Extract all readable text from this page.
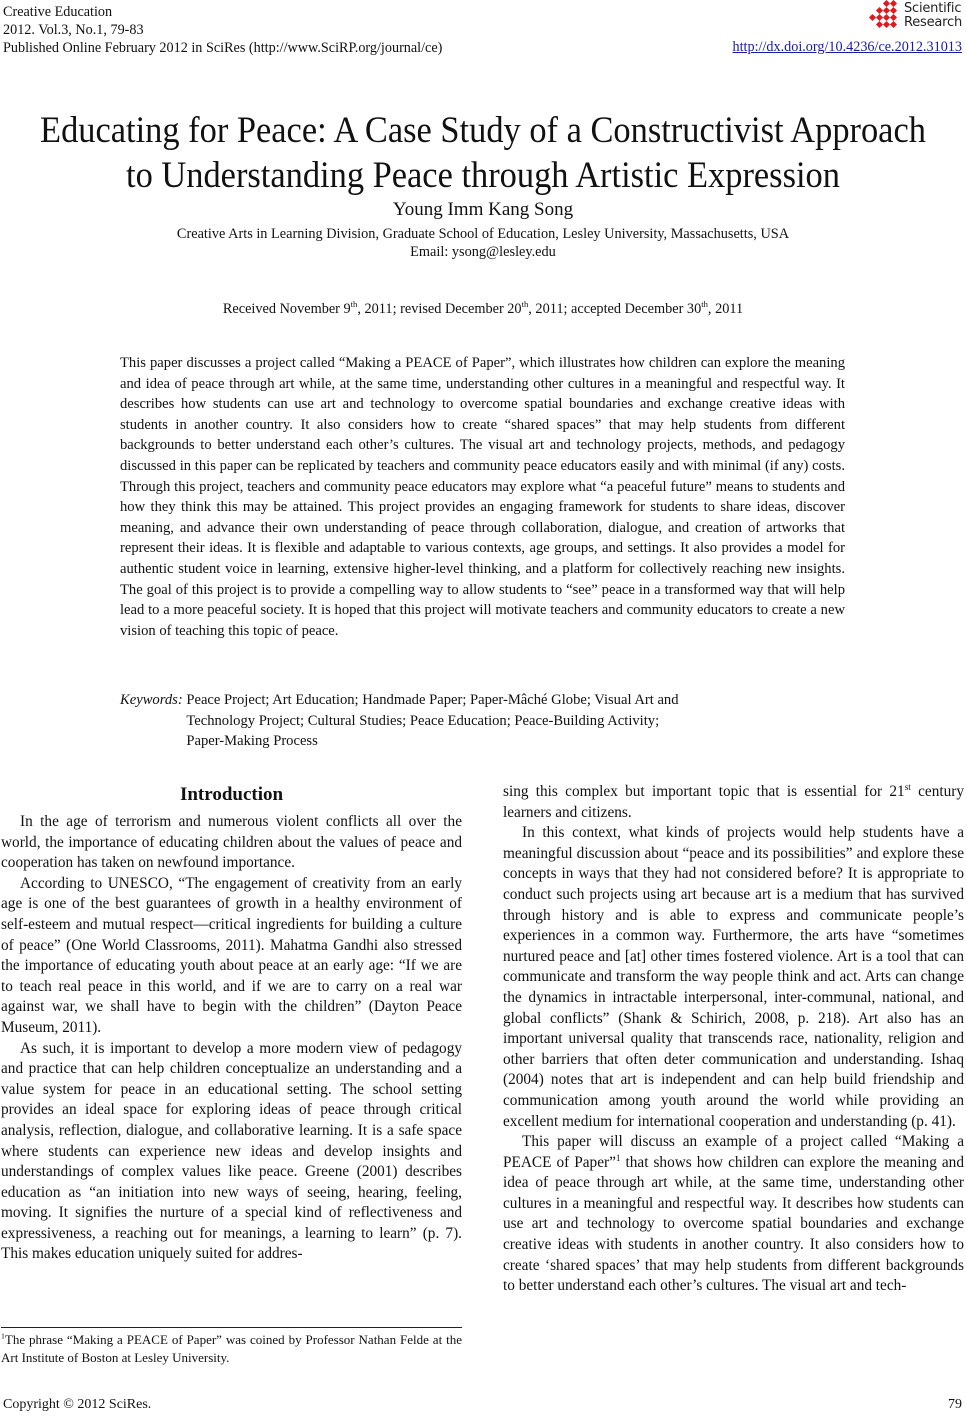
Creative Education
2012. Vol.3, No.1, 79-83
Published Online February 2012 in SciRes (http://www.SciRP.org/journal/ce)
Scientific
Research
http://dx.doi.org/10.4236/ce.2012.31013
Educating for Peace: A Case Study of a Constructivist Approach
to Understanding Peace through Artistic Expression
Young Imm Kang Song
Creative Arts in Learning Division, Graduate School of Education, Lesley University, Massachusetts, USA
Email: ysong@lesley.edu
Received November 9th, 2011; revised December 20th, 2011; accepted December 30th, 2011
This paper discusses a project called “Making a PEACE of Paper”, which illustrates how children can explore the meaning and idea of peace through art while, at the same time, understanding other cultures in a meaningful and respectful way. It describes how students can use art and technology to overcome spatial boundaries and exchange creative ideas with students in another country. It also considers how to create “shared spaces” that may help students from different backgrounds to better understand each other’s cultures. The visual art and technology projects, methods, and pedagogy discussed in this paper can be replicated by teachers and community peace educators easily and with minimal (if any) costs. Through this project, teachers and community peace educators may explore what “a peaceful future” means to students and how they think this may be attained. This project provides an engaging framework for students to share ideas, discover meaning, and advance their own understanding of peace through collaboration, dialogue, and creation of artworks that represent their ideas. It is flexible and adaptable to various contexts, age groups, and settings. It also provides a model for authentic student voice in learning, extensive higher-level thinking, and a platform for collectively reaching new insights. The goal of this project is to provide a compelling way to allow students to “see” peace in a transformed way that will help lead to a more peaceful society. It is hoped that this project will motivate teachers and community educators to create a new vision of teaching this topic of peace.
Keywords: Peace Project; Art Education; Handmade Paper; Paper-Mâché Globe; Visual Art and
Technology Project; Cultural Studies; Peace Education; Peace-Building Activity;
Paper-Making Process
Introduction

In the age of terrorism and numerous violent conflicts all over the world, the importance of educating children about the values of peace and cooperation has taken on newfound importance.

According to UNESCO, “The engagement of creativity from an early age is one of the best guarantees of growth in a healthy environment of self-esteem and mutual respect—critical ingredients for building a culture of peace” (One World Classrooms, 2011). Mahatma Gandhi also stressed the importance of educating youth about peace at an early age: “If we are to teach real peace in this world, and if we are to carry on a real war against war, we shall have to begin with the children” (Dayton Peace Museum, 2011).

As such, it is important to develop a more modern view of pedagogy and practice that can help children conceptualize an understanding and a value system for peace in an educational setting. The school setting provides an ideal space for exploring ideas of peace through critical analysis, reflection, dialogue, and collaborative learning. It is a safe space where students can experience new ideas and develop insights and understandings of complex values like peace. Greene (2001) describes education as “an initiation into new ways of seeing, hearing, feeling, moving. It signifies the nurture of a special kind of reflectiveness and expressiveness, a reaching out for meanings, a learning to learn” (p. 7). This makes education uniquely suited for addres-

sing this complex but important topic that is essential for 21st century learners and citizens.

In this context, what kinds of projects would help students have a meaningful discussion about “peace and its possibilities” and explore these concepts in ways that they had not considered before? It is appropriate to conduct such projects using art because art is a medium that has survived through history and is able to express and communicate people’s experiences in a common way. Furthermore, the arts have “sometimes nurtured peace and [at] other times fostered violence. Art is a tool that can communicate and transform the way people think and act. Arts can change the dynamics in intractable interpersonal, inter-communal, national, and global conflicts” (Shank & Schirich, 2008, p. 218). Art also has an important universal quality that transcends race, nationality, religion and other barriers that often deter communication and understanding. Ishaq (2004) notes that art is independent and can help build friendship and communication among youth around the world while providing an excellent medium for international cooperation and understanding (p. 41).

This paper will discuss an example of a project called “Making a PEACE of Paper”$^1$ that shows how children can explore the meaning and idea of peace through art while, at the same time, understanding other cultures in a meaningful and respectful way. It describes how students can use art and technology to overcome spatial boundaries and exchange creative ideas with students in another country. It also considers how to create ‘shared spaces’ that may help students from different backgrounds to better understand each other’s cultures. The visual art and tech-

$^1$The phrase “Making a PEACE of Paper” was coined by Professor Nathan Felde at the Art Institute of Boston at Lesley University.
Copyright © 2012 SciRes.	79
